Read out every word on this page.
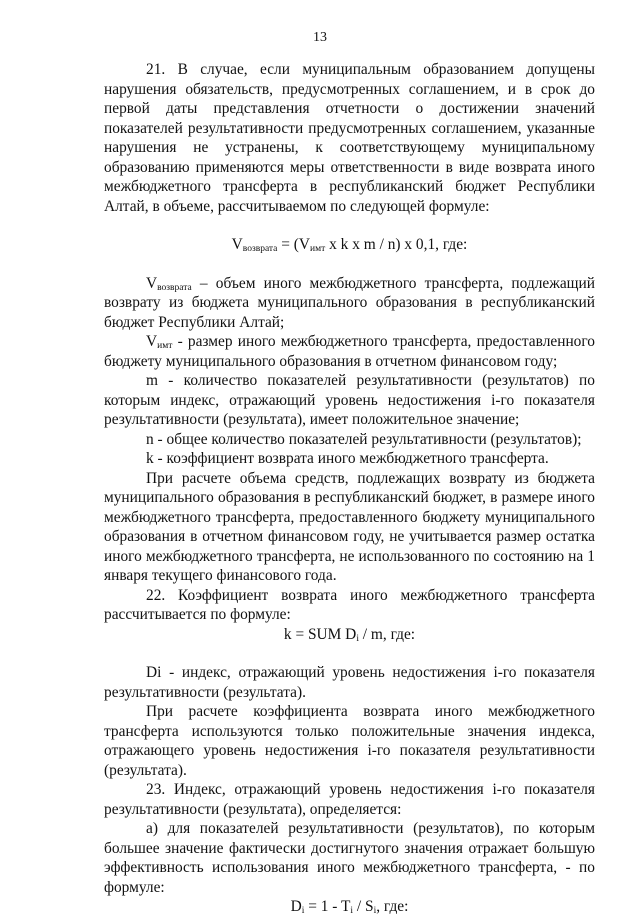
13

21. В случае, если муниципальным образованием допущены нарушения обязательств, предусмотренных соглашением, и в срок до первой даты представления отчетности о достижении значений показателей результативности предусмотренных соглашением, указанные нарушения не устранены, к соответствующему муниципальному образованию применяются меры ответственности в виде возврата иного межбюджетного трансферта в республиканский бюджет Республики Алтай, в объеме, рассчитываемом по следующей формуле:

$V_{возврата} = (V_{имт}$ x k x m / n) x 0,1, где:

$V_{возврата}$ – объем иного межбюджетного трансферта, подлежащий возврату из бюджета муниципального образования в республиканский бюджет Республики Алтай;

$V_{имт}$ - размер иного межбюджетного трансферта, предоставленного бюджету муниципального образования в отчетном финансовом году;

m - количество показателей результативности (результатов) по которым индекс, отражающий уровень недостижения i-го показателя результативности (результата), имеет положительное значение;

n - общее количество показателей результативности (результатов);

k - коэффициент возврата иного межбюджетного трансферта.

При расчете объема средств, подлежащих возврату из бюджета муниципального образования в республиканский бюджет, в размере иного межбюджетного трансферта, предоставленного бюджету муниципального образования в отчетном финансовом году, не учитывается размер остатка иного межбюджетного трансферта, не использованного по состоянию на 1 января текущего финансового года.

22. Коэффициент возврата иного межбюджетного трансферта рассчитывается по формуле:

k = SUM $D_i$ / m, где:

Di - индекс, отражающий уровень недостижения i-го показателя результативности (результата).

При расчете коэффициента возврата иного межбюджетного трансферта используются только положительные значения индекса, отражающего уровень недостижения i-го показателя результативности (результата).

23. Индекс, отражающий уровень недостижения i-го показателя результативности (результата), определяется:

а) для показателей результативности (результатов), по которым большее значение фактически достигнутого значения отражает большую эффективность использования иного межбюджетного трансферта, - по формуле:

$D_i = 1 - T_i / S_i$, где:
